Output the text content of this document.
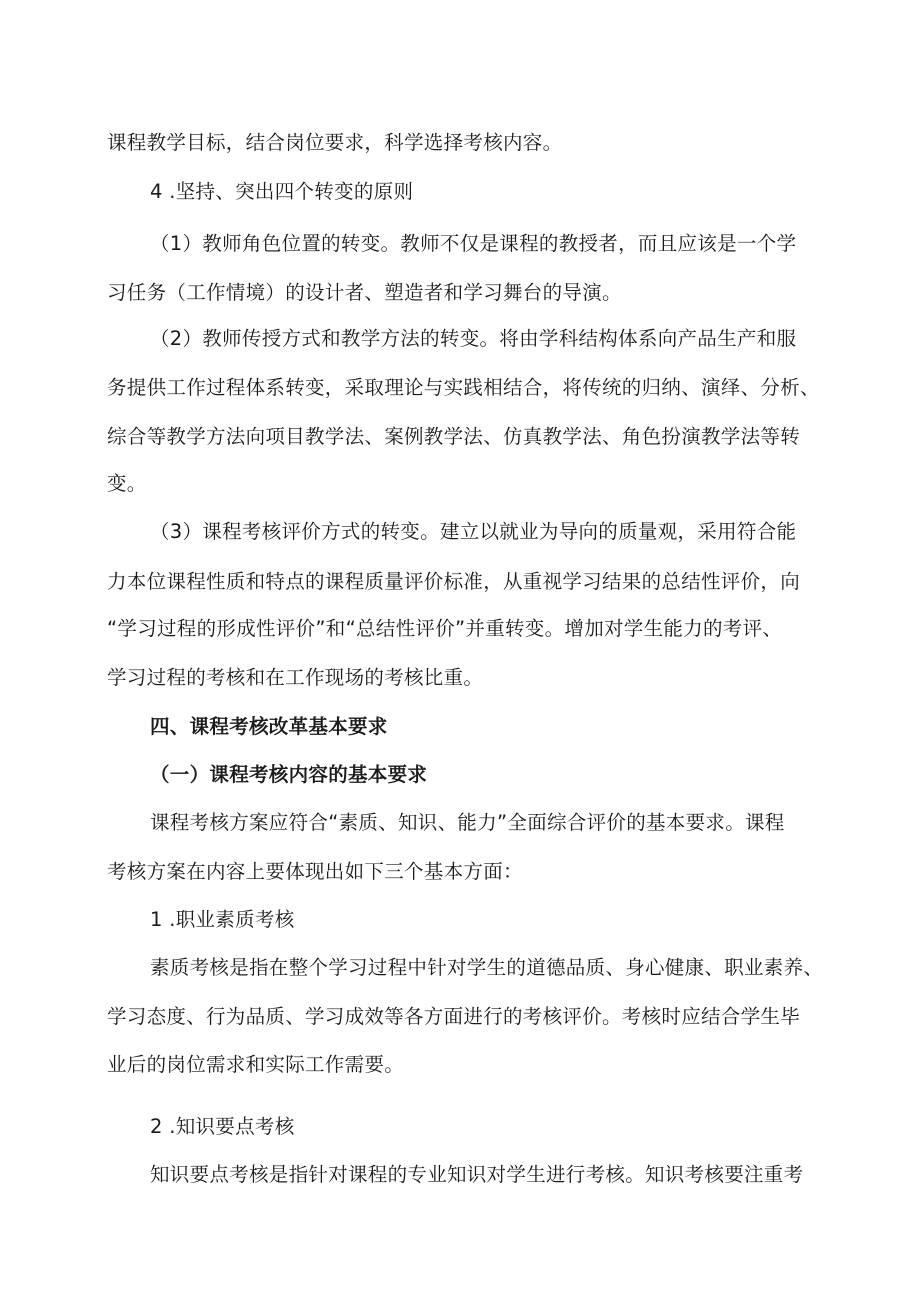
课程教学目标，结合岗位要求，科学选择考核内容。
4 .坚持、突出四个转变的原则
（1）教师角色位置的转变。教师不仅是课程的教授者，而且应该是一个学
习任务（工作情境）的设计者、塑造者和学习舞台的导演。
（2）教师传授方式和教学方法的转变。将由学科结构体系向产品生产和服
务提供工作过程体系转变，采取理论与实践相结合，将传统的归纳、演绎、分析、
综合等教学方法向项目教学法、案例教学法、仿真教学法、角色扮演教学法等转
变。
（3）课程考核评价方式的转变。建立以就业为导向的质量观，采用符合能
力本位课程性质和特点的课程质量评价标准，从重视学习结果的总结性评价，向
“学习过程的形成性评价”和“总结性评价”并重转变。增加对学生能力的考评、
学习过程的考核和在工作现场的考核比重。
四、课程考核改革基本要求
（一）课程考核内容的基本要求
课程考核方案应符合“素质、知识、能力”全面综合评价的基本要求。课程
考核方案在内容上要体现出如下三个基本方面：
1 .职业素质考核
素质考核是指在整个学习过程中针对学生的道德品质、身心健康、职业素养、
学习态度、行为品质、学习成效等各方面进行的考核评价。考核时应结合学生毕
业后的岗位需求和实际工作需要。
2 .知识要点考核
知识要点考核是指针对课程的专业知识对学生进行考核。知识考核要注重考
